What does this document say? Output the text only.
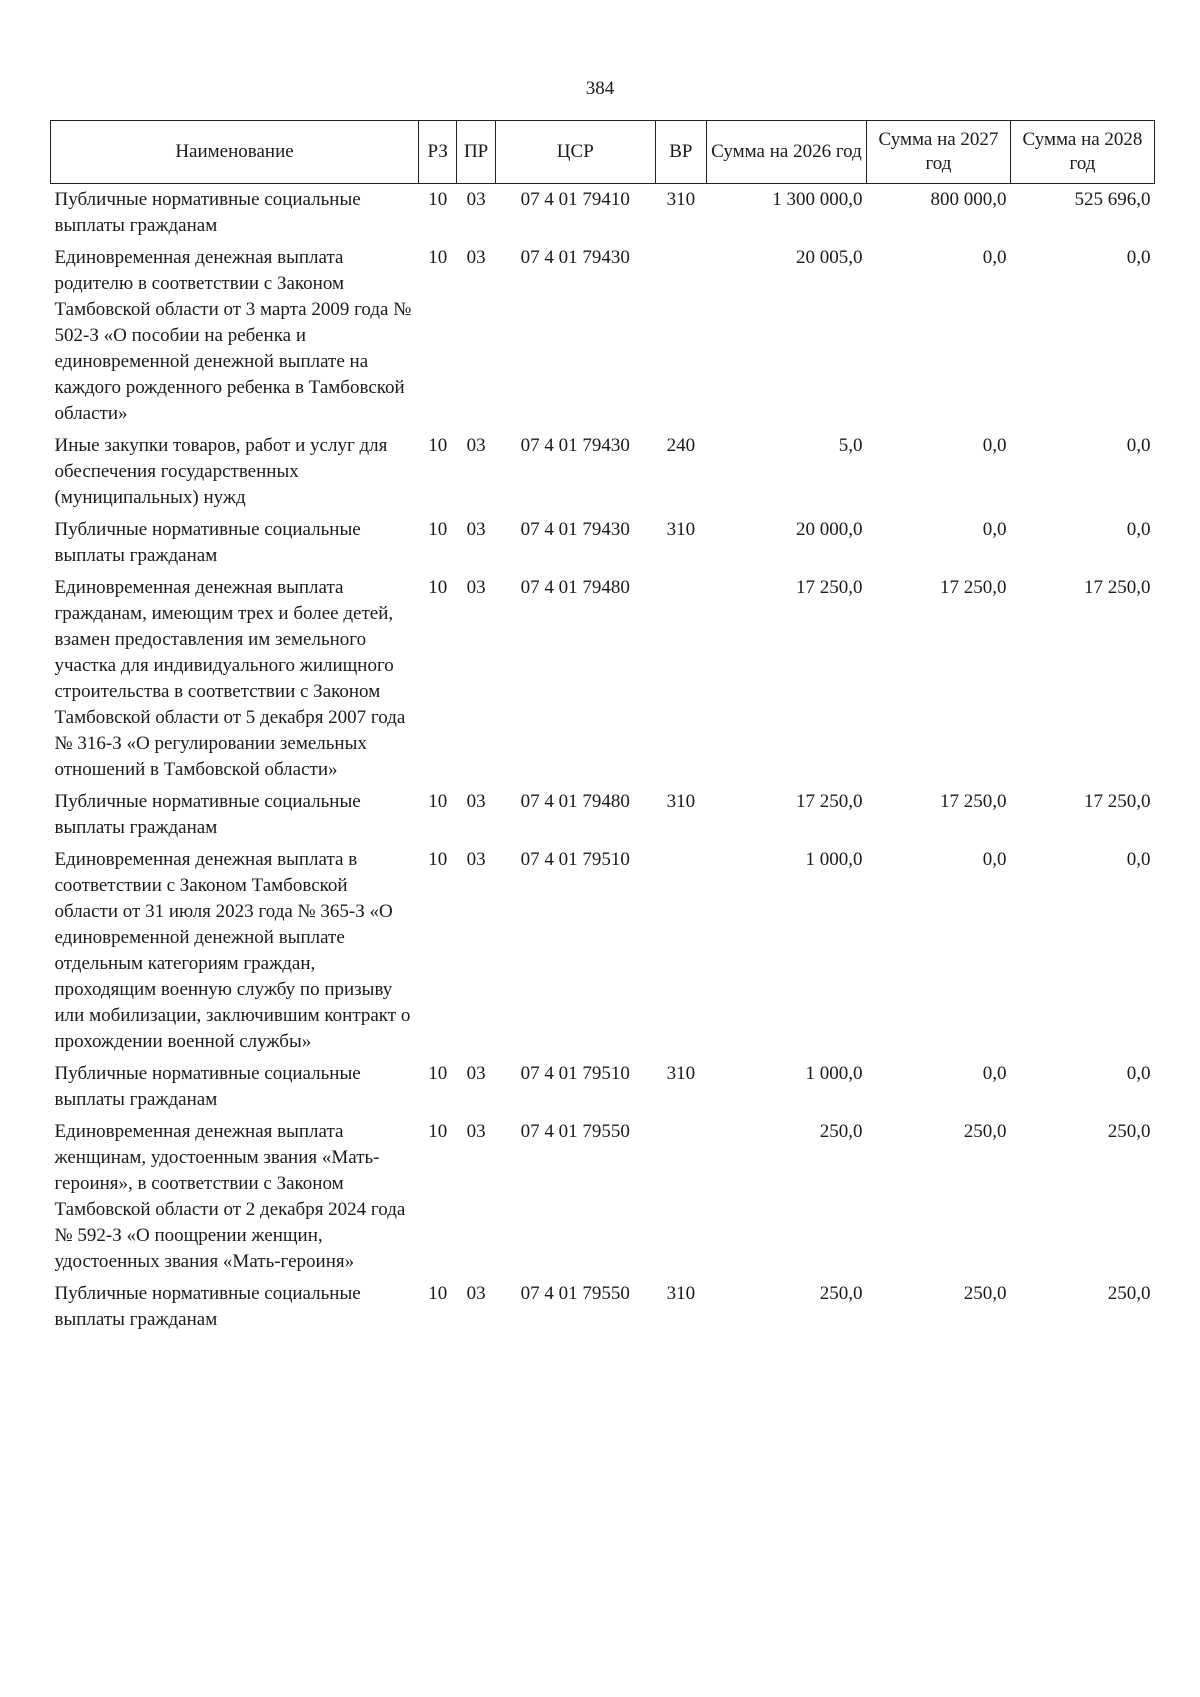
384
Наименование	РЗ	ПР	ЦСР	ВР	Сумма на 2026 год	Сумма на 2027 год	Сумма на 2028 год
Публичные нормативные социальные выплаты гражданам	10	03	07 4 01 79410	310	1 300 000,0	800 000,0	525 696,0
Единовременная денежная выплата родителю в соответствии с Законом Тамбовской области от 3 марта 2009 года № 502-З «О пособии на ребенка и единовременной денежной выплате на каждого рожденного ребенка в Тамбовской области»	10	03	07 4 01 79430		20 005,0	0,0	0,0
Иные закупки товаров, работ и услуг для обеспечения государственных (муниципальных) нужд	10	03	07 4 01 79430	240	5,0	0,0	0,0
Публичные нормативные социальные выплаты гражданам	10	03	07 4 01 79430	310	20 000,0	0,0	0,0
Единовременная денежная выплата гражданам, имеющим трех и более детей, взамен предоставления им земельного участка для индивидуального жилищного строительства в соответствии с Законом Тамбовской области от 5 декабря 2007 года № 316-З «О регулировании земельных отношений в Тамбовской области»	10	03	07 4 01 79480		17 250,0	17 250,0	17 250,0
Публичные нормативные социальные выплаты гражданам	10	03	07 4 01 79480	310	17 250,0	17 250,0	17 250,0
Единовременная денежная выплата в соответствии с Законом Тамбовской области от 31 июля 2023 года № 365-З «О единовременной денежной выплате отдельным категориям граждан, проходящим военную службу по призыву или мобилизации, заключившим контракт о прохождении военной службы»	10	03	07 4 01 79510		1 000,0	0,0	0,0
Публичные нормативные социальные выплаты гражданам	10	03	07 4 01 79510	310	1 000,0	0,0	0,0
Единовременная денежная выплата женщинам, удостоенным звания «Мать-героиня», в соответствии с Законом Тамбовской области от 2 декабря 2024 года № 592-З «О поощрении женщин, удостоенных звания «Мать-героиня»	10	03	07 4 01 79550		250,0	250,0	250,0
Публичные нормативные социальные выплаты гражданам	10	03	07 4 01 79550	310	250,0	250,0	250,0
